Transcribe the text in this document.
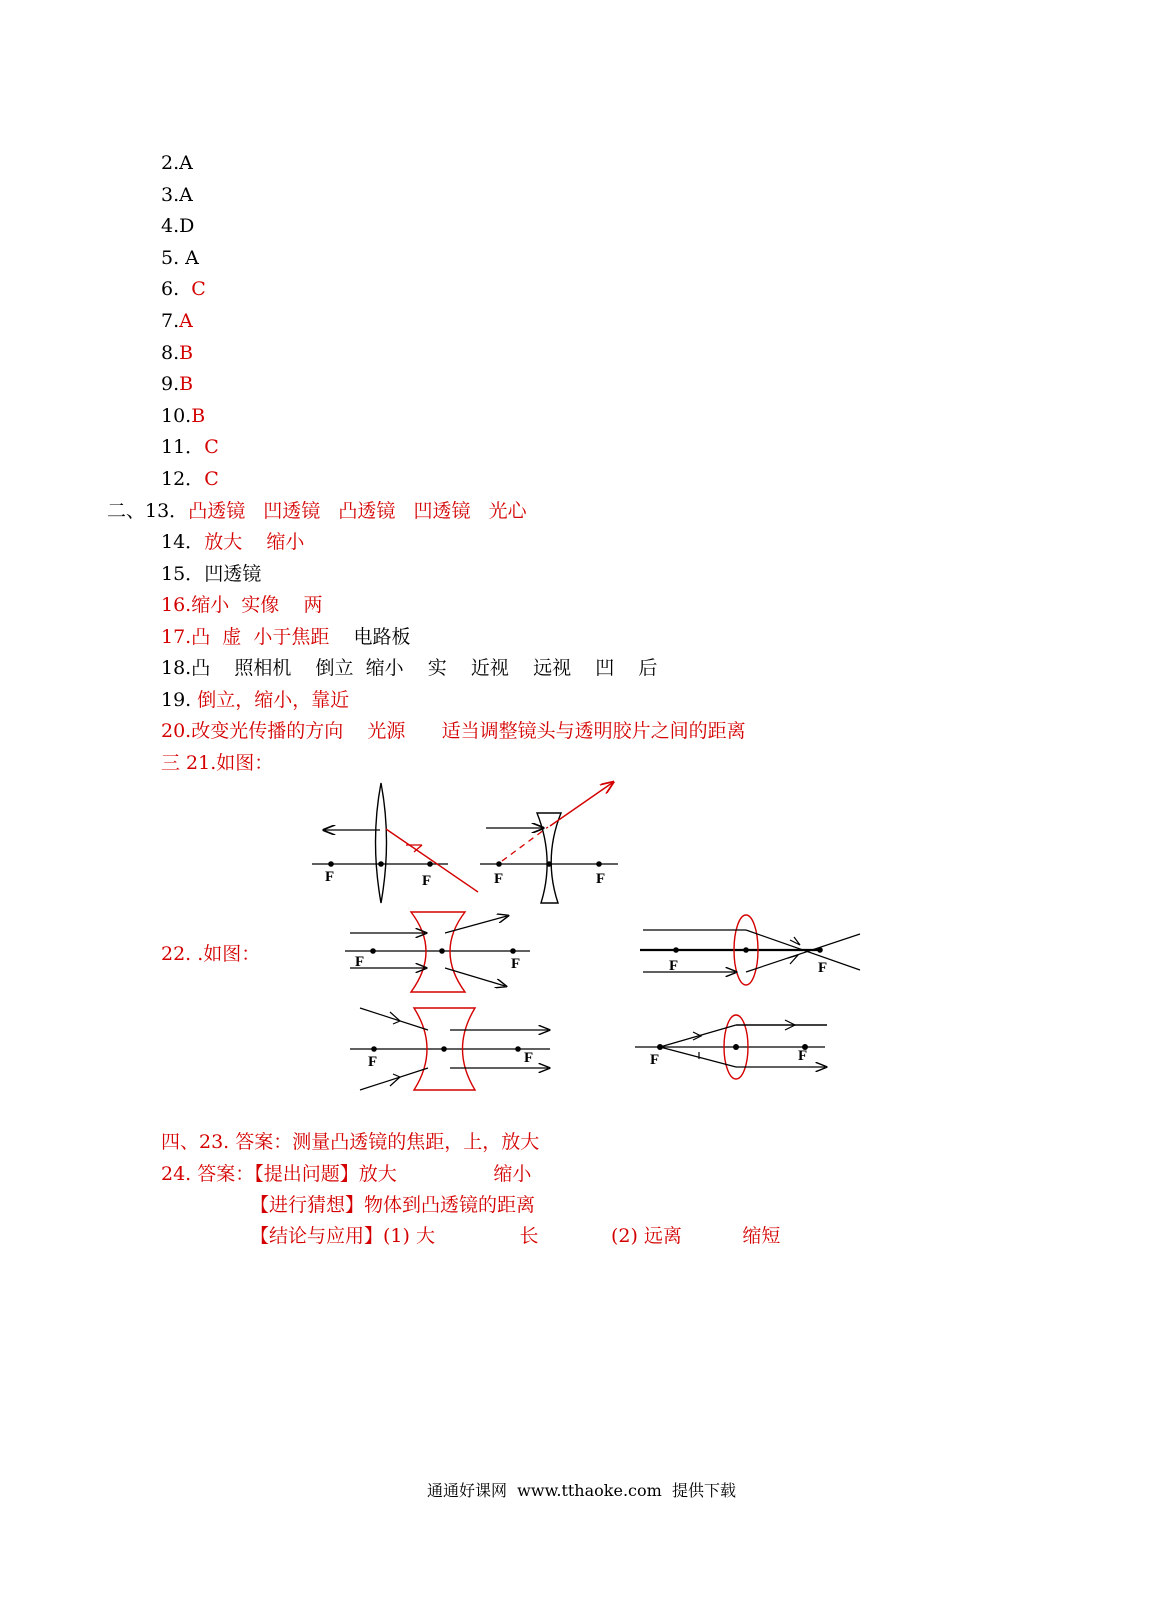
2.A
3.A
4.D
5. A
6.  C
7.A
8.B
9.B
10.B
11．C
12．C
二、13．凸透镜   凹透镜   凸透镜   凹透镜   光心
14．放大    缩小
15．凹透镜
16.缩小  实像    两
17.凸  虚  小于焦距    电路板
18.凸    照相机    倒立  缩小    实    近视    远视    凹    后
19. 倒立，缩小，靠近
20.改变光传播的方向    光源      适当调整镜头与透明胶片之间的距离
三 21.如图：
F	F	F	F
22. .如图：	F	F	F	F
F	F	F	F
四、23. 答案：测量凸透镜的焦距，上，放大
24. 答案：【提出问题】放大                缩小
【进行猜想】物体到凸透镜的距离
【结论与应用】(1) 大              长            (2) 远离          缩短
通通好课网  www.tthaoke.com  提供下载
